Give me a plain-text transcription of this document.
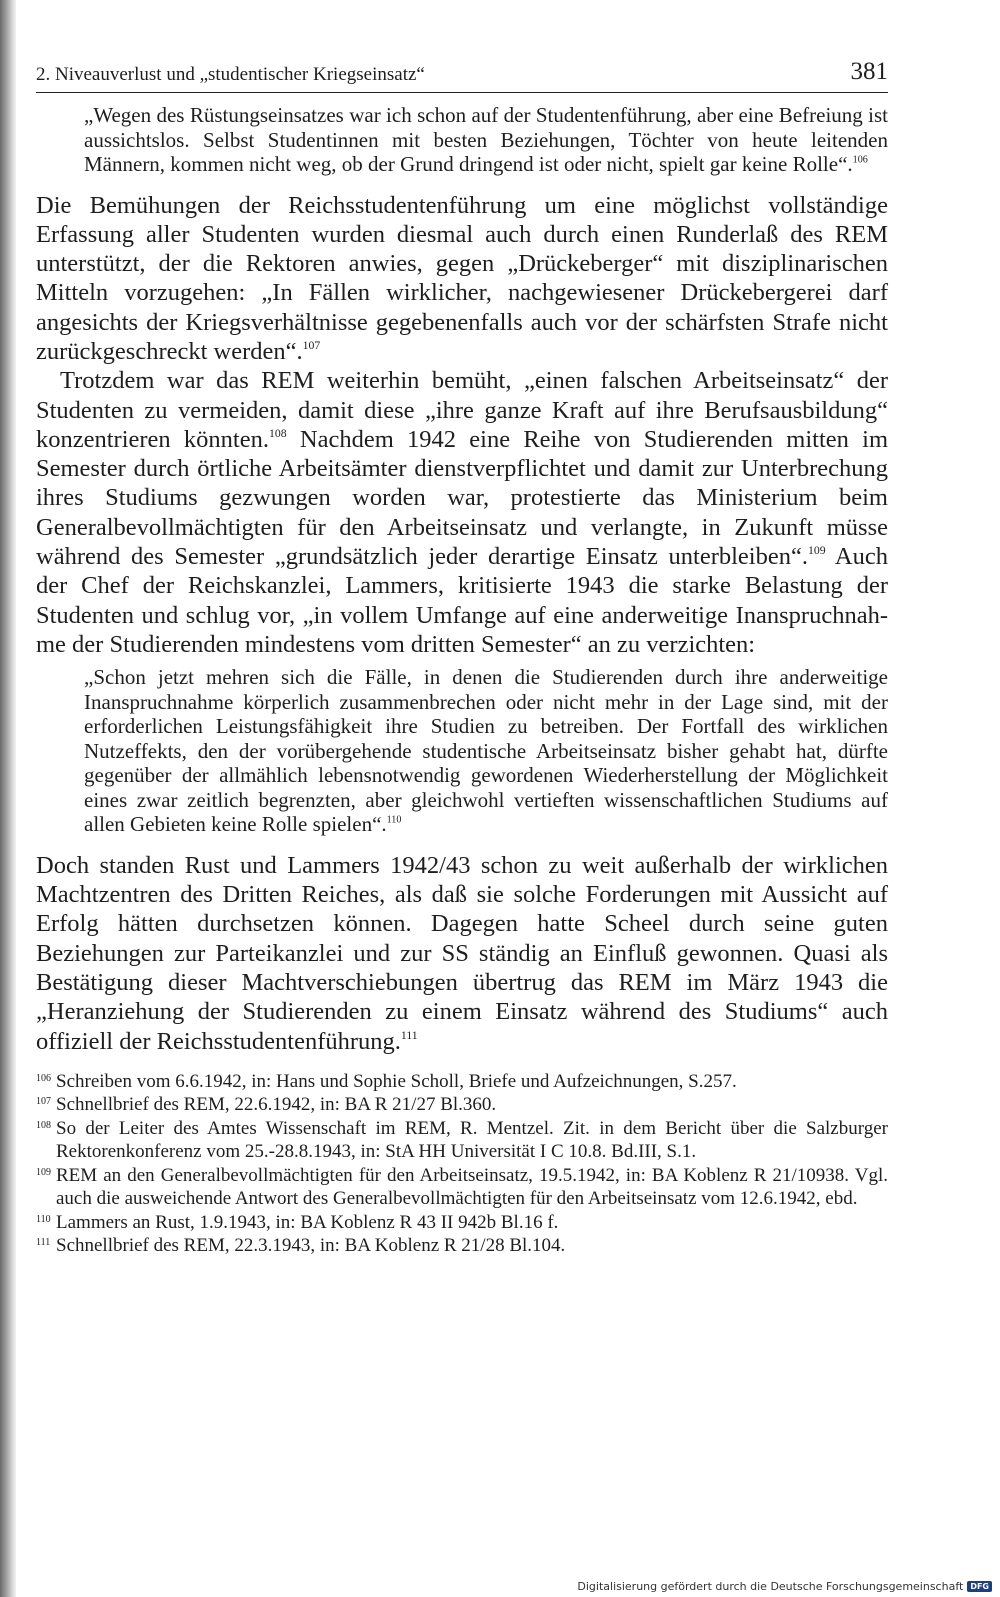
2. Niveauverlust und „studentischer Kriegseinsatz“	381

„Wegen des Rüstungseinsatzes war ich schon auf der Studentenführung, aber eine Befreiung ist aussichtslos. Selbst Studentinnen mit besten Beziehungen, Töchter von heute leitenden Männern, kommen nicht weg, ob der Grund dringend ist oder nicht, spielt gar keine Rolle“.$^{106}$

Die Bemühungen der Reichsstudentenführung um eine möglichst vollständige Erfassung aller Studenten wurden diesmal auch durch einen Runderlaß des REM unterstützt, der die Rektoren anwies, gegen „Drückeberger“ mit disziplinarischen Mitteln vorzugehen: „In Fällen wirklicher, nachgewiesener Drückebergerei darf angesichts der Kriegsverhältnisse gegebenenfalls auch vor der schärfsten Strafe nicht zurückgeschreckt werden“.$^{107}$

Trotzdem war das REM weiterhin bemüht, „einen falschen Arbeitseinsatz“ der Studenten zu vermeiden, damit diese „ihre ganze Kraft auf ihre Berufsausbildung“ konzentrieren könnten.$^{108}$ Nachdem 1942 eine Reihe von Studierenden mitten im Semester durch örtliche Arbeitsämter dienstverpflichtet und damit zur Unterbrechung ihres Studiums gezwungen worden war, protestierte das Ministerium beim Generalbevollmächtigten für den Arbeitseinsatz und verlangte, in Zukunft müsse während des Semester „grundsätzlich jeder derartige Einsatz unterbleiben“.$^{109}$ Auch der Chef der Reichskanzlei, Lammers, kritisierte 1943 die starke Belastung der Studenten und schlug vor, „in vollem Umfange auf eine anderweitige Inanspruchnahme der Studierenden mindestens vom dritten Semester“ an zu verzichten:

„Schon jetzt mehren sich die Fälle, in denen die Studierenden durch ihre anderweitige Inanspruchnahme körperlich zusammenbrechen oder nicht mehr in der Lage sind, mit der erforderlichen Leistungsfähigkeit ihre Studien zu betreiben. Der Fortfall des wirklichen Nutzeffekts, den der vorübergehende studentische Arbeitseinsatz bisher gehabt hat, dürfte gegenüber der allmählich lebensnotwendig gewordenen Wiederherstellung der Möglichkeit eines zwar zeitlich begrenzten, aber gleichwohl vertieften wissenschaftlichen Studiums auf allen Gebieten keine Rolle spielen“.$^{110}$

Doch standen Rust und Lammers 1942/43 schon zu weit außerhalb der wirklichen Machtzentren des Dritten Reiches, als daß sie solche Forderungen mit Aussicht auf Erfolg hätten durchsetzen können. Dagegen hatte Scheel durch seine guten Beziehungen zur Parteikanzlei und zur SS ständig an Einfluß gewonnen. Quasi als Bestätigung dieser Machtverschiebungen übertrug das REM im März 1943 die „Heranziehung der Studierenden zu einem Einsatz während des Studiums“ auch offiziell der Reichsstudentenführung.$^{111}$

106 Schreiben vom 6.6.1942, in: Hans und Sophie Scholl, Briefe und Aufzeichnungen, S.257.
107 Schnellbrief des REM, 22.6.1942, in: BA R 21/27 Bl.360.
108 So der Leiter des Amtes Wissenschaft im REM, R. Mentzel. Zit. in dem Bericht über die Salzburger Rektorenkonferenz vom 25.-28.8.1943, in: StA HH Universität I C 10.8. Bd.III, S.1.
109 REM an den Generalbevollmächtigten für den Arbeitseinsatz, 19.5.1942, in: BA Koblenz R 21/10938. Vgl. auch die ausweichende Antwort des Generalbevollmächtigten für den Arbeitseinsatz vom 12.6.1942, ebd.
110 Lammers an Rust, 1.9.1943, in: BA Koblenz R 43 II 942b Bl.16 f.
111 Schnellbrief des REM, 22.3.1943, in: BA Koblenz R 21/28 Bl.104.
Digitalisierung gefördert durch die Deutsche Forschungsgemeinschaft DFG
